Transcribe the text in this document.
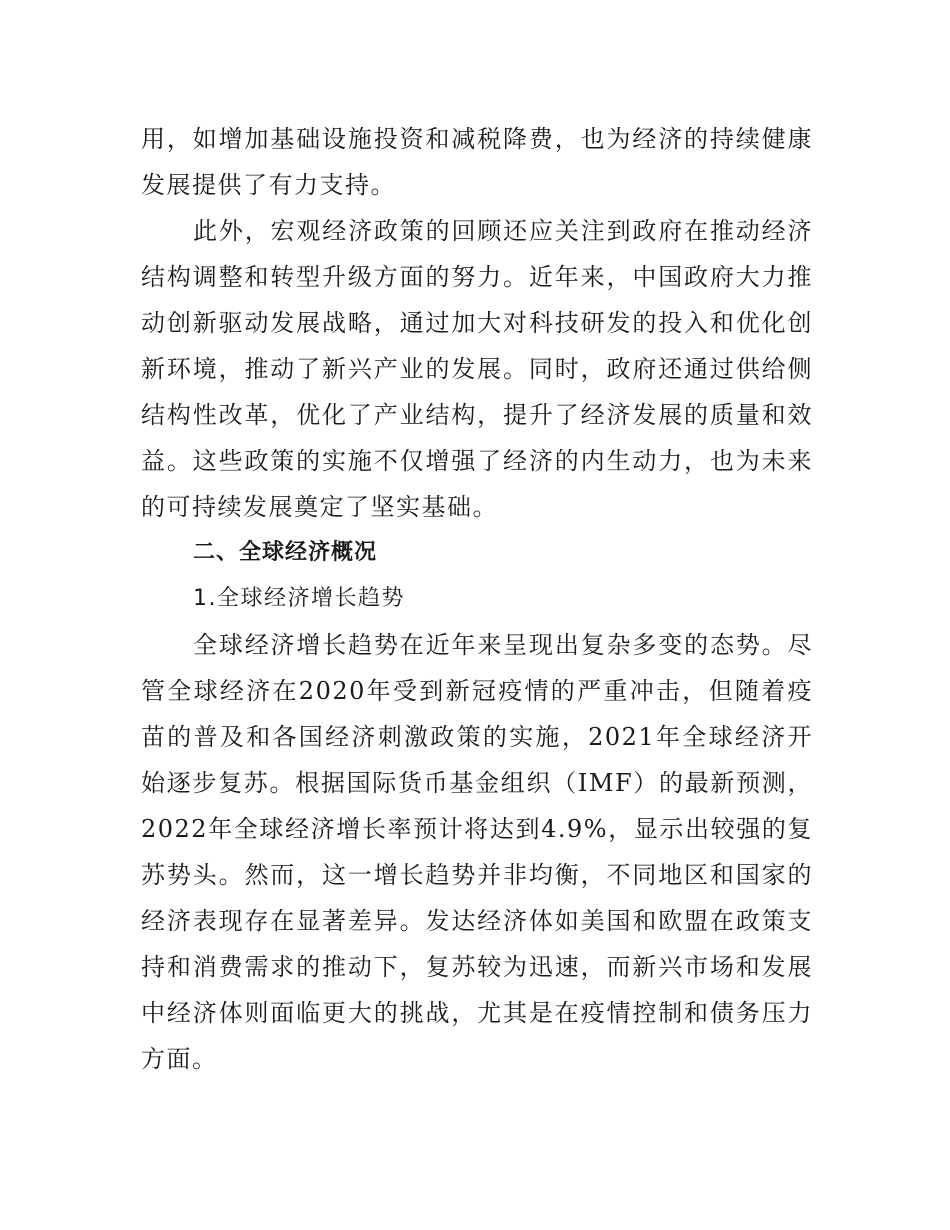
用，如增加基础设施投资和减税降费，也为经济的持续健康发展提供了有力支持。

此外，宏观经济政策的回顾还应关注到政府在推动经济结构调整和转型升级方面的努力。近年来，中国政府大力推动创新驱动发展战略，通过加大对科技研发的投入和优化创新环境，推动了新兴产业的发展。同时，政府还通过供给侧结构性改革，优化了产业结构，提升了经济发展的质量和效益。这些政策的实施不仅增强了经济的内生动力，也为未来的可持续发展奠定了坚实基础。

二、全球经济概况

1.全球经济增长趋势

全球经济增长趋势在近年来呈现出复杂多变的态势。尽管全球经济在2020年受到新冠疫情的严重冲击，但随着疫苗的普及和各国经济刺激政策的实施，2021年全球经济开始逐步复苏。根据国际货币基金组织（IMF）的最新预测，2022年全球经济增长率预计将达到4.9%，显示出较强的复苏势头。然而，这一增长趋势并非均衡，不同地区和国家的经济表现存在显著差异。发达经济体如美国和欧盟在政策支持和消费需求的推动下，复苏较为迅速，而新兴市场和发展中经济体则面临更大的挑战，尤其是在疫情控制和债务压力方面。
